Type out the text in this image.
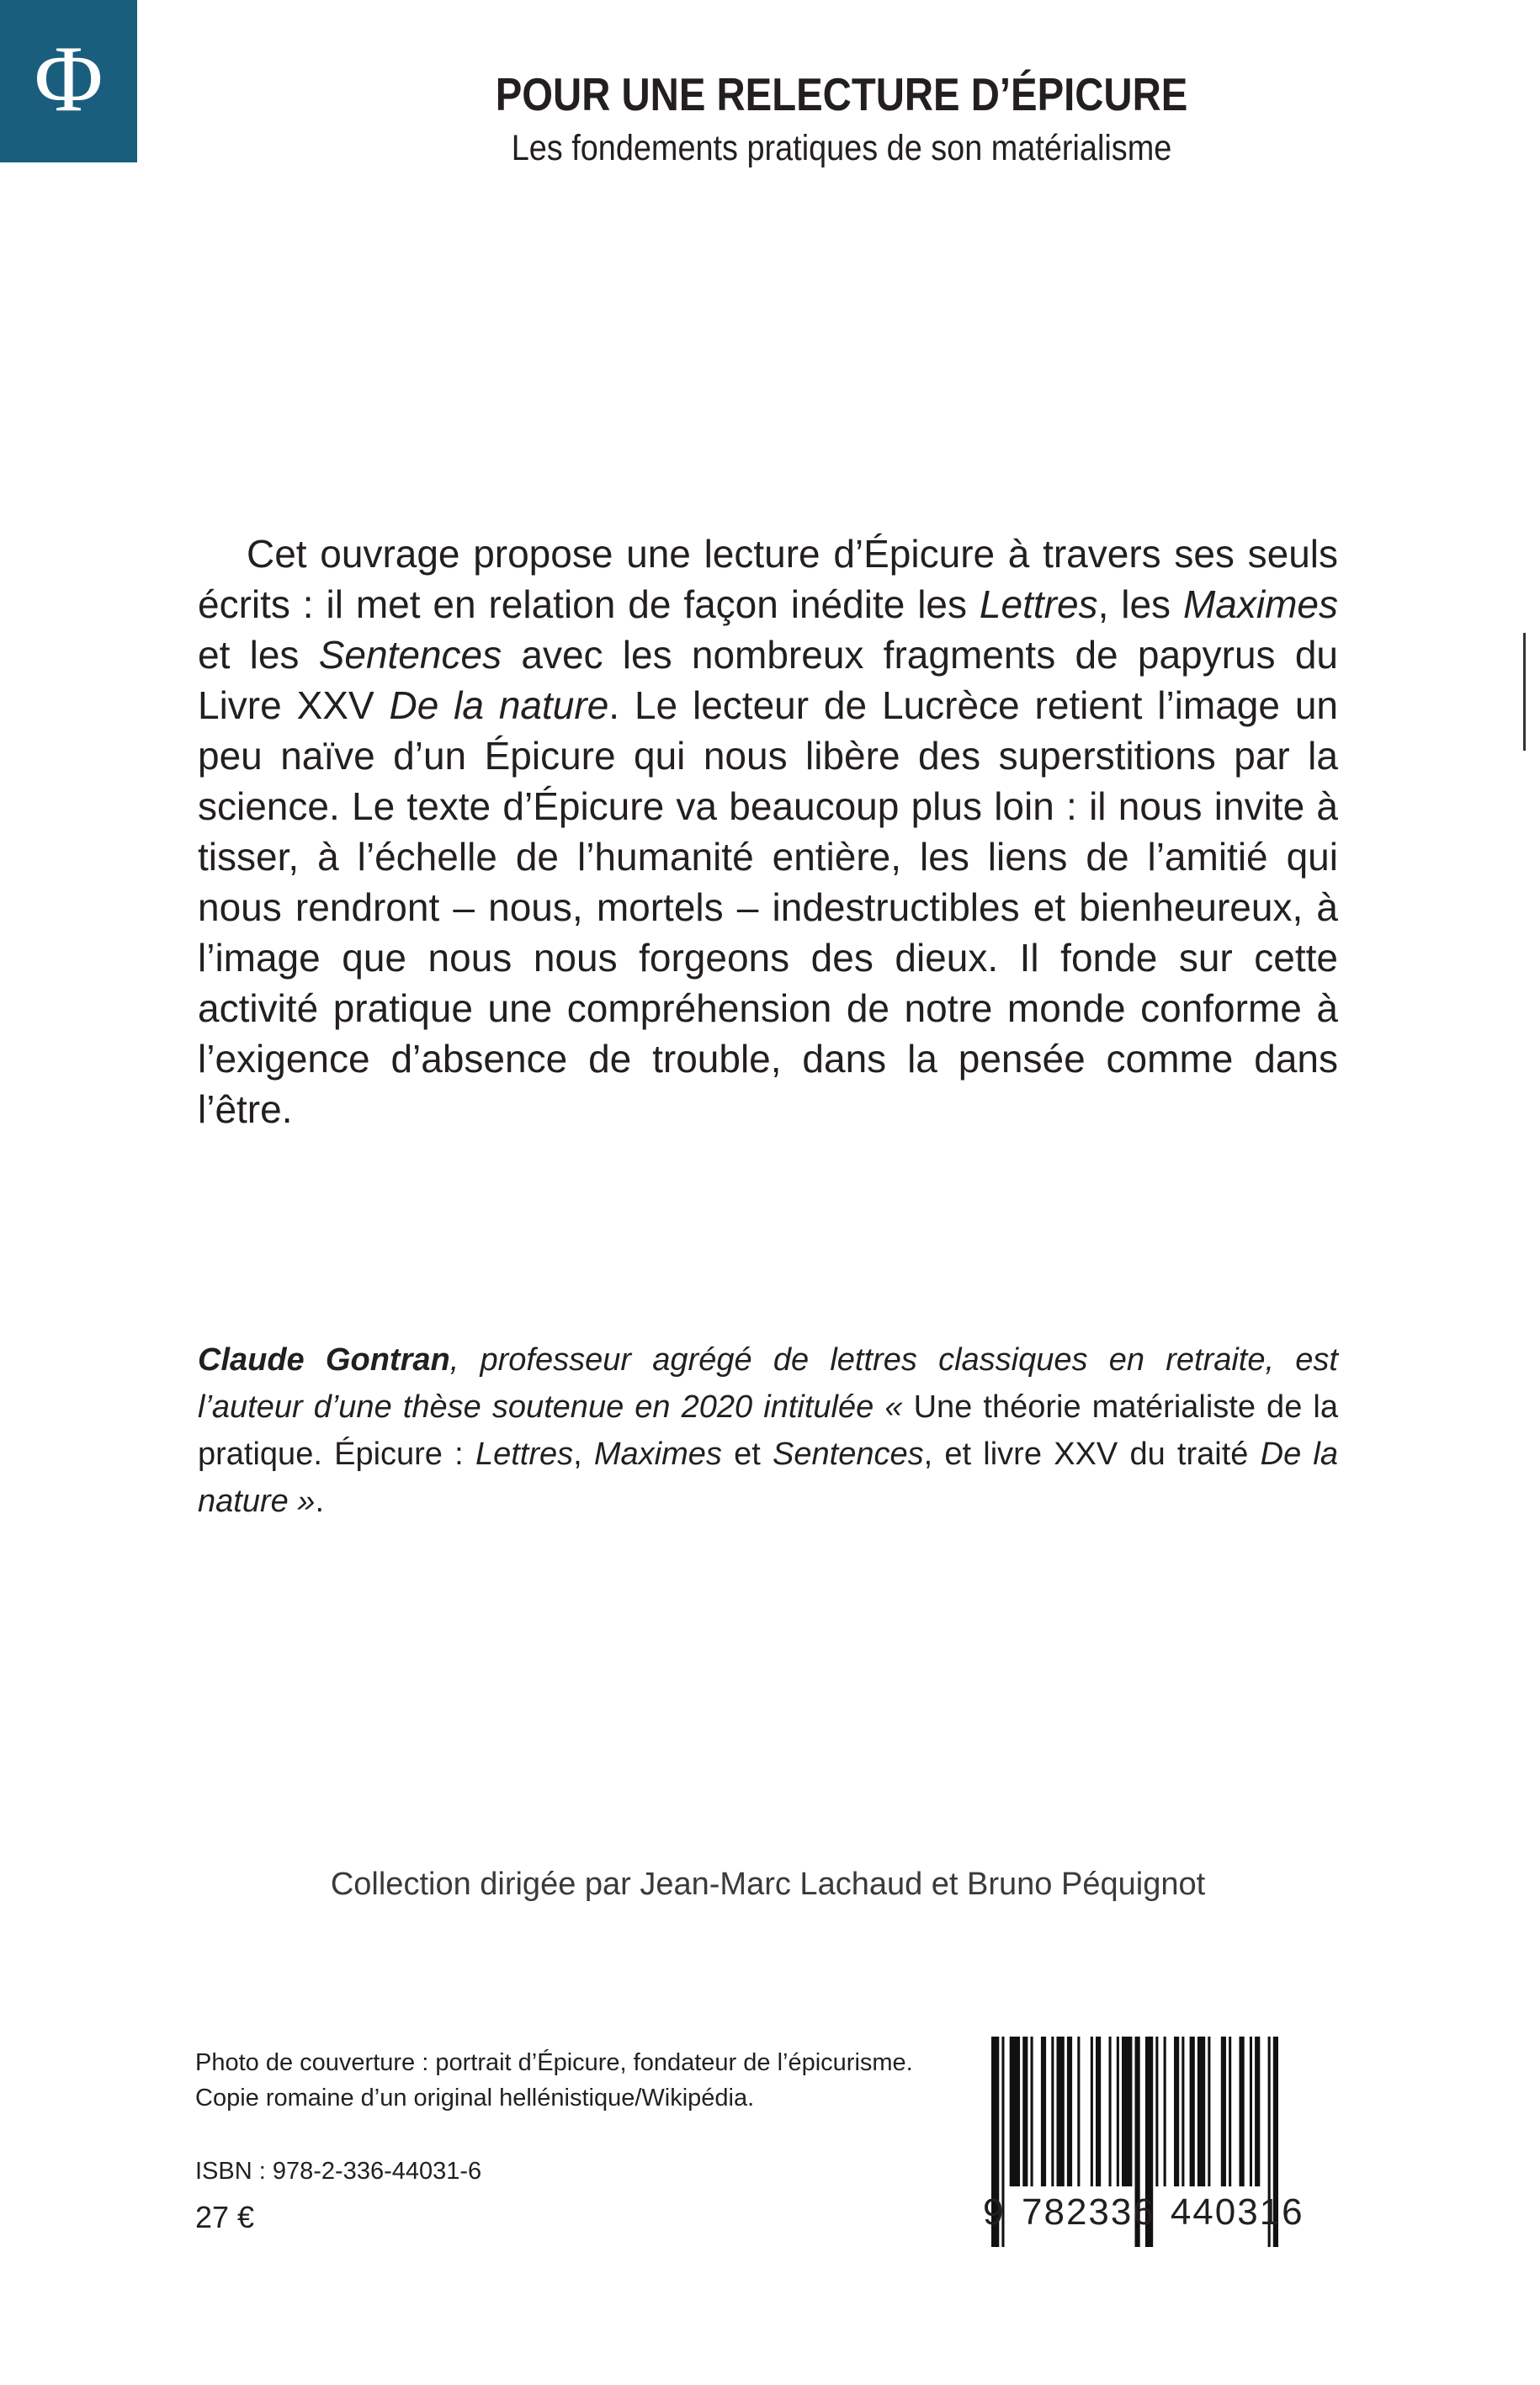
Φ	POUR UNE RELECTURE D’ÉPICURE
Les fondements pratiques de son matérialisme
Cet ouvrage propose une lecture d’Épicure à travers ses seuls écrits : il met en relation de façon inédite les Lettres, les Maximes et les Sentences avec les nombreux fragments de papyrus du Livre XXV De la nature. Le lecteur de Lucrèce retient l’image un peu naïve d’un Épicure qui nous libère des superstitions par la science. Le texte d’Épicure va beaucoup plus loin : il nous invite à tisser, à l’échelle de l’humanité entière, les liens de l’amitié qui nous rendront – nous, mortels – indestructibles et bienheureux, à l’image que nous nous forgeons des dieux. Il fonde sur cette activité pratique une compréhension de notre monde conforme à l’exigence d’absence de trouble, dans la pensée comme dans l’être.
Claude Gontran, professeur agrégé de lettres classiques en retraite, est l’auteur d’une thèse soutenue en 2020 intitulée « Une théorie matérialiste de la pratique. Épicure : Lettres, Maximes et Sentences, et livre XXV du traité De la nature ».
Collection dirigée par Jean-Marc Lachaud et Bruno Péquignot
Photo de couverture : portrait d’Épicure, fondateur de l’épicurisme.
Copie romaine d’un original hellénistique/Wikipédia.
ISBN : 978-2-336-44031-6
27 €	9 782336 440316
